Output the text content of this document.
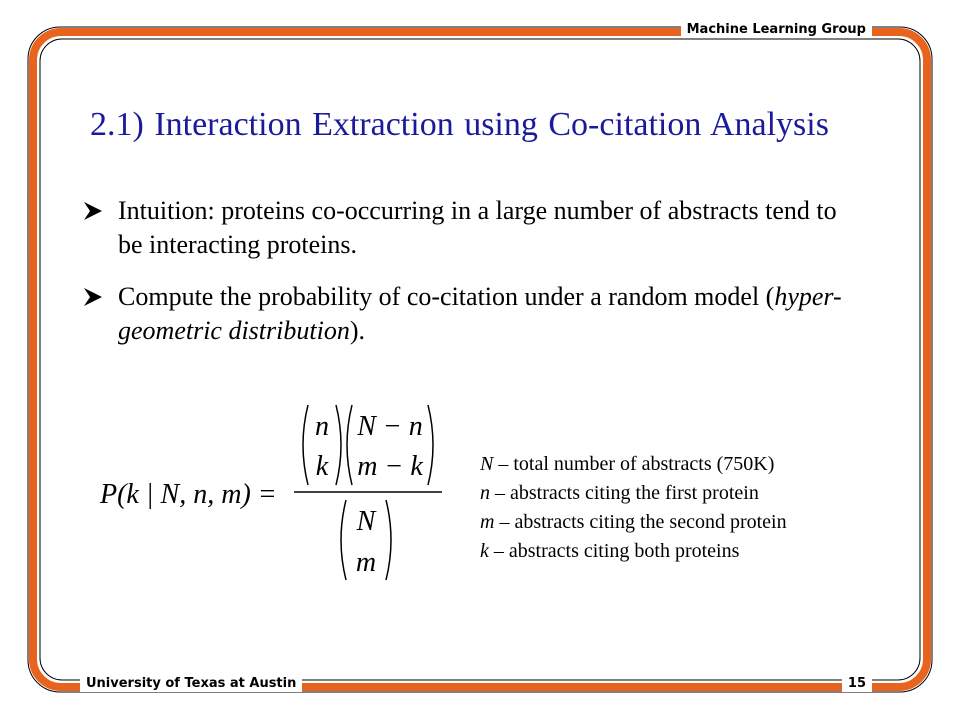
Machine Learning Group
University of Texas at Austin	15
2.1) Interaction Extraction using Co-citation Analysis
Intuition: proteins co-occurring in a large number of abstracts tend to be interacting proteins.
Compute the probability of co-citation under a random model (hyper-geometric distribution).
P(k | N, n, m) =
n
k
N − n
m − k
N
m
N – total number of abstracts (750K)
n – abstracts citing the first protein
m – abstracts citing the second protein
k – abstracts citing both proteins
